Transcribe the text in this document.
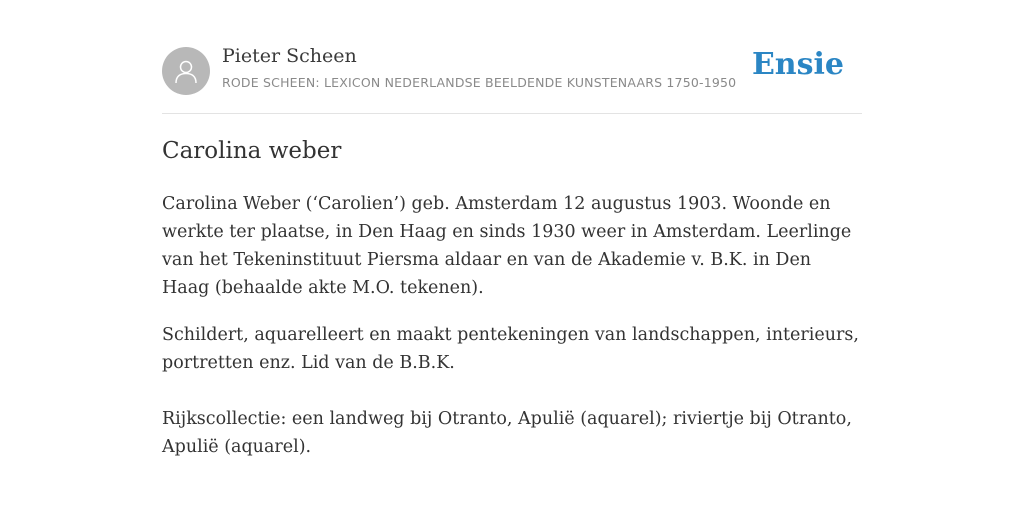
Pieter Scheen
RODE SCHEEN: LEXICON NEDERLANDSE BEELDENDE KUNSTENAARS 1750-1950
Ensie
Carolina weber

Carolina Weber (‘Carolien’) geb. Amsterdam 12 augustus 1903. Woonde en werkte ter plaatse, in Den Haag en sinds 1930 weer in Amsterdam. Leerlinge van het Tekeninstituut Piersma aldaar en van de Akademie v. B.K. in Den Haag (behaalde akte M.O. tekenen).

Schildert, aquarelleert en maakt pentekeningen van landschappen, interieurs, portretten enz. Lid van de B.B.K.

Rijkscollectie: een landweg bij Otranto, Apulië (aquarel); riviertje bij Otranto, Apulië (aquarel).
